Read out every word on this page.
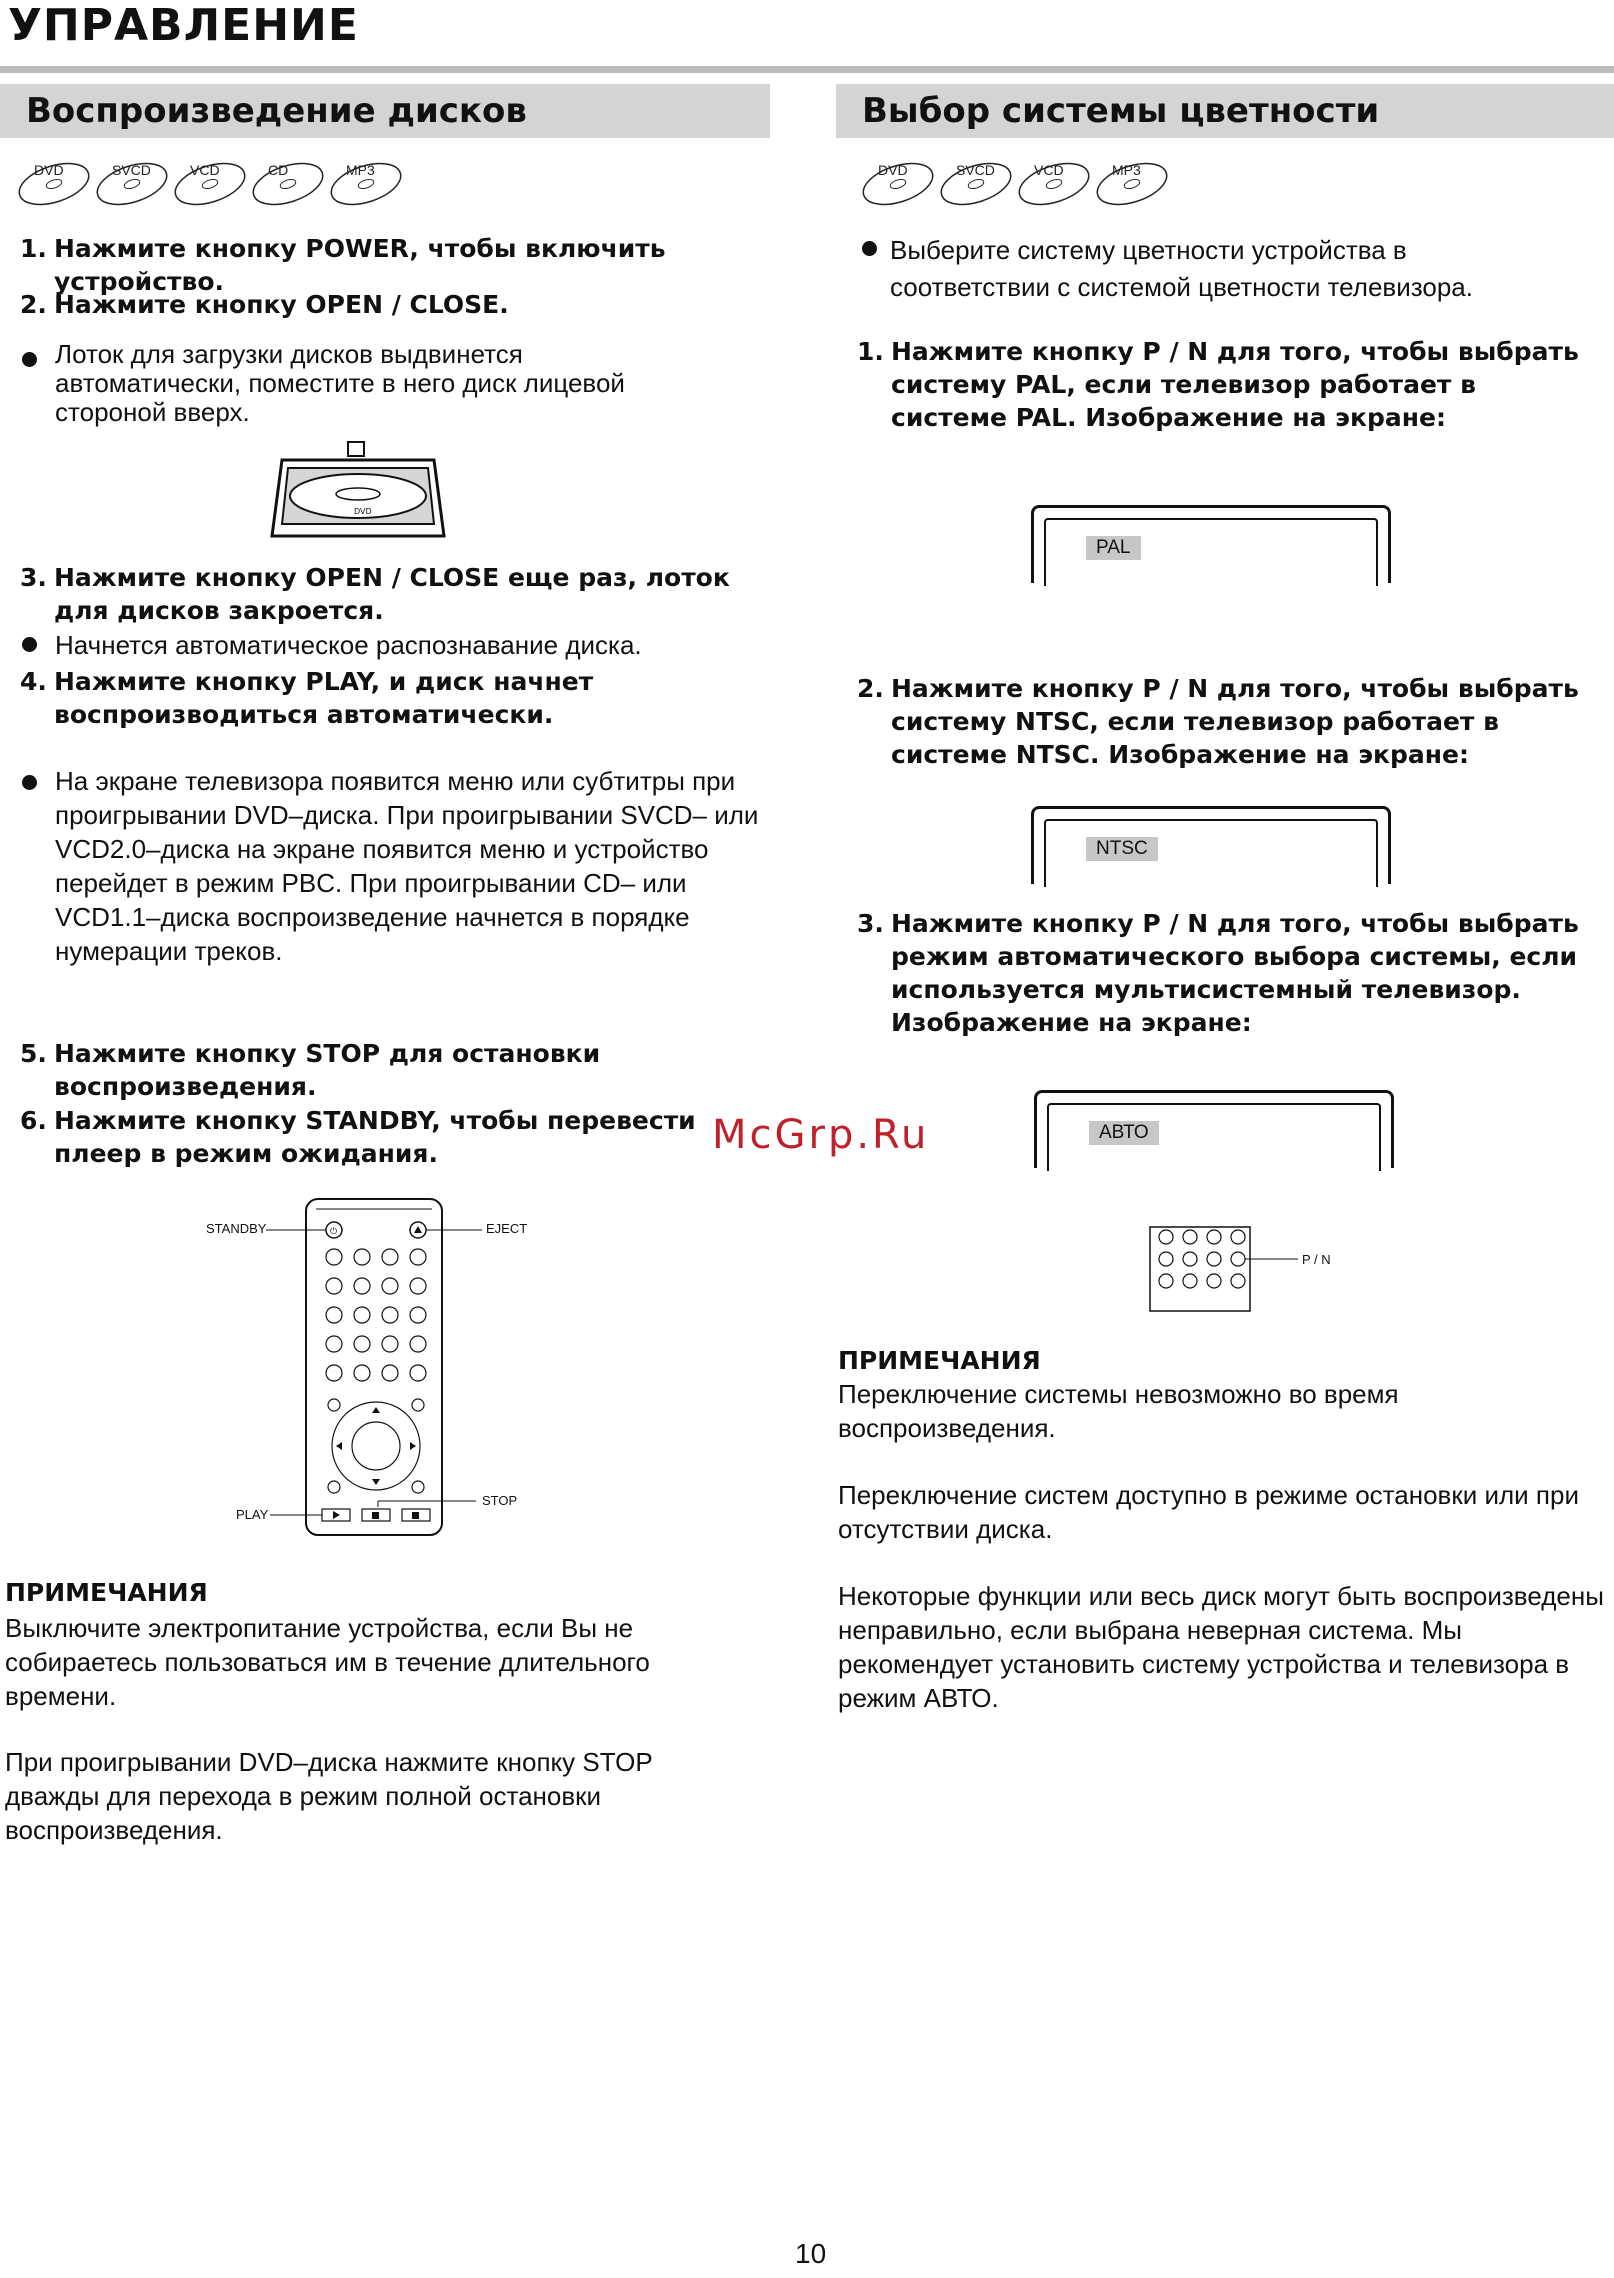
УПРАВЛЕНИЕ
Воспроизведение дисков
DVD	SVCD	VCD	CD	MP3
1. Нажмите кнопку POWER, чтобы включить устройство.
2. Нажмите кнопку OPEN / CLOSE.
Лоток для загрузки дисков выдвинется автоматически, поместите в него диск лицевой стороной вверх.
DVD
3. Нажмите кнопку OPEN / CLOSE еще раз, лоток для дисков закроется.
Начнется автоматическое распознавание диска.
4. Нажмите кнопку PLAY, и диск начнет воспроизводиться автоматически.
На экране телевизора появится меню или субтитры при проигрывании DVD–диска. При проигрывании SVCD– или VCD2.0–диска на экране появится меню и устройство перейдет в режим PBC. При проигрывании CD– или VCD1.1–диска воспроизведение начнется в порядке нумерации треков.
5. Нажмите кнопку STOP для остановки воспроизведения.
6. Нажмите кнопку STANDBY, чтобы перевести плеер в режим ожидания.
⏻
STANDBY	EJECT
PLAY
STOP
ПРИМЕЧАНИЯ
Выключите электропитание устройства, если Вы не собираетесь пользоваться им в течение длительного времени.
При проигрывании DVD–диска нажмите кнопку STOP дважды для перехода в режим полной остановки воспроизведения.
Выбор системы цветности
DVD	SVCD	VCD	MP3
Выберите систему цветности устройства в соответствии с системой цветности телевизора.
1. Нажмите кнопку P / N для того, чтобы выбрать систему PAL, если телевизор работает в системе PAL. Изображение на экране:
PAL
2. Нажмите кнопку P / N для того, чтобы выбрать систему NTSC, если телевизор работает в системе NTSC. Изображение на экране:
NTSC
3. Нажмите кнопку P / N для того, чтобы выбрать режим автоматического выбора системы, если используется мультисистемный телевизор. Изображение на экране:
АВТО
P / N
ПРИМЕЧАНИЯ
Переключение системы невозможно во время воспроизведения.
Переключение систем доступно в режиме остановки или при отсутствии диска.
Некоторые функции или весь диск могут быть воспроизведены неправильно, если выбрана неверная система. Мы рекомендует установить систему устройства и телевизора в режим АВТО.
McGrp.Ru
10
